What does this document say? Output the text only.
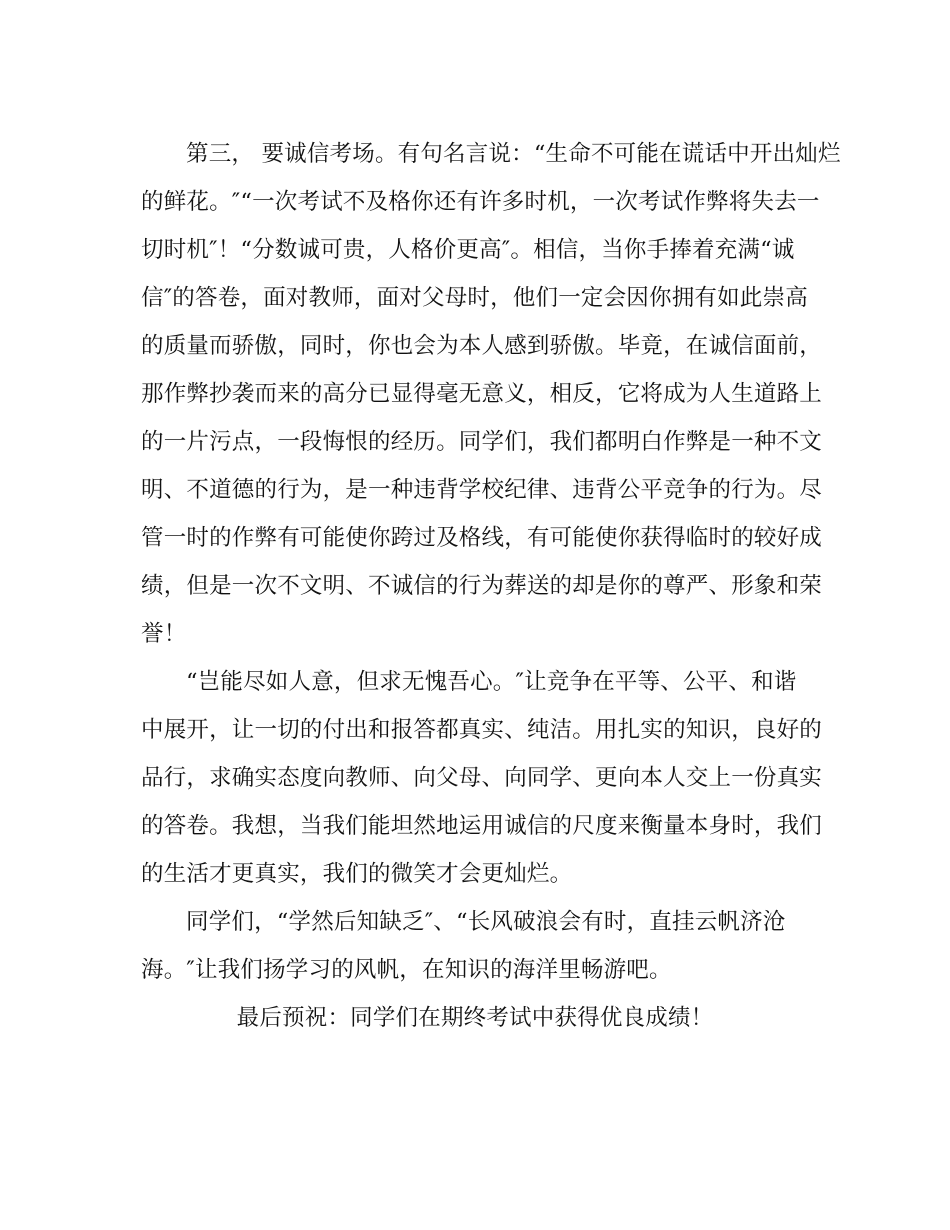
第三， 要诚信考场。有句名言说：“生命不可能在谎话中开出灿烂
的鲜花。″“一次考试不及格你还有许多时机，一次考试作弊将失去一
切时机″！“分数诚可贵，人格价更高″。相信，当你手捧着充满“诚
信″的答卷，面对教师，面对父母时，他们一定会因你拥有如此崇高
的质量而骄傲，同时，你也会为本人感到骄傲。毕竟，在诚信面前，
那作弊抄袭而来的高分已显得毫无意义，相反，它将成为人生道路上
的一片污点，一段悔恨的经历。同学们，我们都明白作弊是一种不文
明、不道德的行为，是一种违背学校纪律、违背公平竞争的行为。尽
管一时的作弊有可能使你跨过及格线，有可能使你获得临时的较好成
绩，但是一次不文明、不诚信的行为葬送的却是你的尊严、形象和荣
誉！
“岂能尽如人意，但求无愧吾心。″让竞争在平等、公平、和谐
中展开，让一切的付出和报答都真实、纯洁。用扎实的知识，良好的
品行，求确实态度向教师、向父母、向同学、更向本人交上一份真实
的答卷。我想，当我们能坦然地运用诚信的尺度来衡量本身时，我们
的生活才更真实，我们的微笑才会更灿烂。
同学们，“学然后知缺乏″、“长风破浪会有时，直挂云帆济沧
海。″让我们扬学习的风帆，在知识的海洋里畅游吧。
最后预祝：同学们在期终考试中获得优良成绩！
